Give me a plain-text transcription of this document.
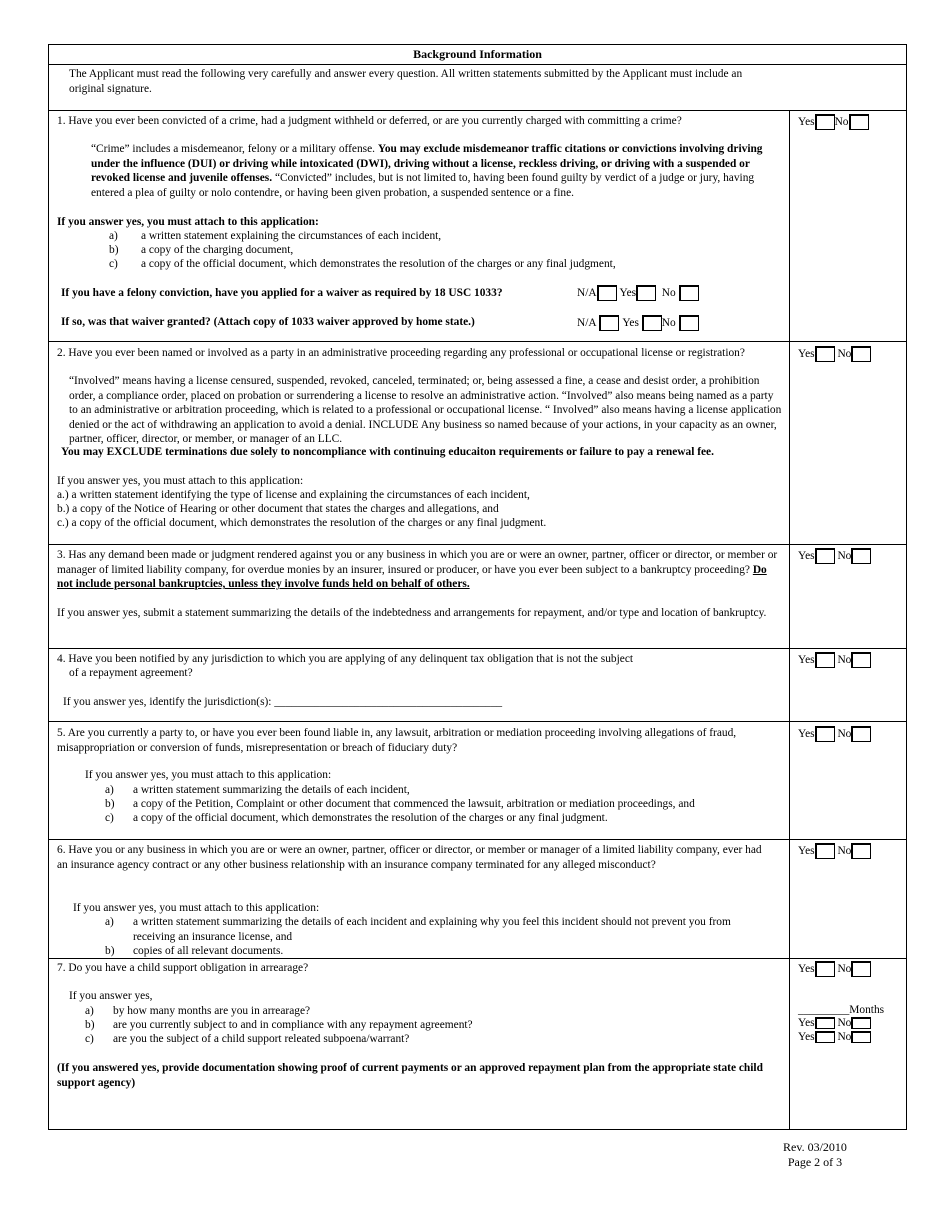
Background Information
The Applicant must read the following very carefully and answer every question. All written statements submitted by the Applicant must include an original signature.
1. Have you ever been convicted of a crime, had a judgment withheld or deferred, or are you currently charged with committing a crime?
“Crime” includes a misdemeanor, felony or a military offense. You may exclude misdemeanor traffic citations or convictions involving driving under the influence (DUI) or driving while intoxicated (DWI), driving without a license, reckless driving, or driving with a suspended or revoked license and juvenile offenses. “Convicted” includes, but is not limited to, having been found guilty by verdict of a judge or jury, having entered a plea of guilty or nolo contendre, or having been given probation, a suspended sentence or a fine.
If you answer yes, you must attach to this application:
a) a written statement explaining the circumstances of each incident,
b) a copy of the charging document,
c) a copy of the official document, which demonstrates the resolution of the charges or any final judgment,
If you have a felony conviction, have you applied for a waiver as required by 18 USC 1033?	N/A Yes No
If so, was that waiver granted? (Attach copy of 1033 waiver approved by home state.)	N/A Yes No
Yes No
2. Have you ever been named or involved as a party in an administrative proceeding regarding any professional or occupational license or registration?
“Involved” means having a license censured, suspended, revoked, canceled, terminated; or, being assessed a fine, a cease and desist order, a prohibition order, a compliance order, placed on probation or surrendering a license to resolve an administrative action. “Involved” also means being named as a party to an administrative or arbitration proceeding, which is related to a professional or occupational license. “ Involved” also means having a license application denied or the act of withdrawing an application to avoid a denial. INCLUDE Any business so named because of your actions, in your capacity as an owner, partner, officer, director, or member, or manager of an LLC.
You may EXCLUDE terminations due solely to noncompliance with continuing educaiton requirements or failure to pay a renewal fee.
If you answer yes, you must attach to this application:
a.) a written statement identifying the type of license and explaining the circumstances of each incident,
b.) a copy of the Notice of Hearing or other document that states the charges and allegations, and
c.) a copy of the official document, which demonstrates the resolution of the charges or any final judgment.
Yes No
3. Has any demand been made or judgment rendered against you or any business in which you are or were an owner, partner, officer or director, or member or manager of limited liability company, for overdue monies by an insurer, insured or producer, or have you ever been subject to a bankruptcy proceeding? Do not include personal bankruptcies, unless they involve funds held on behalf of others.
If you answer yes, submit a statement summarizing the details of the indebtedness and arrangements for repayment, and/or type and location of bankruptcy.
Yes No
4. Have you been notified by any jurisdiction to which you are applying of any delinquent tax obligation that is not the subject
of a repayment agreement?
If you answer yes, identify the jurisdiction(s): ________________________________________
Yes No
5. Are you currently a party to, or have you ever been found liable in, any lawsuit, arbitration or mediation proceeding involving allegations of fraud, misappropriation or conversion of funds, misrepresentation or breach of fiduciary duty?
If you answer yes, you must attach to this application:
a) a written statement summarizing the details of each incident,
b) a copy of the Petition, Complaint or other document that commenced the lawsuit, arbitration or mediation proceedings, and
c) a copy of the official document, which demonstrates the resolution of the charges or any final judgment.
Yes No
6. Have you or any business in which you are or were an owner, partner, officer or director, or member or manager of a limited liability company, ever had an insurance agency contract or any other business relationship with an insurance company terminated for any alleged misconduct?
If you answer yes, you must attach to this application:
a) a written statement summarizing the details of each incident and explaining why you feel this incident should not prevent you from receiving an insurance license, and
b) copies of all relevant documents.
Yes No
7. Do you have a child support obligation in arrearage?
If you answer yes,
a) by how many months are you in arrearage?
b) are you currently subject to and in compliance with any repayment agreement?
c) are you the subject of a child support releated subpoena/warrant?
(If you answered yes, provide documentation showing proof of current payments or an approved repayment plan from the appropriate state child support agency)
Yes No
_________Months
Yes No
Yes No
Rev. 03/2010
Page 2 of 3
